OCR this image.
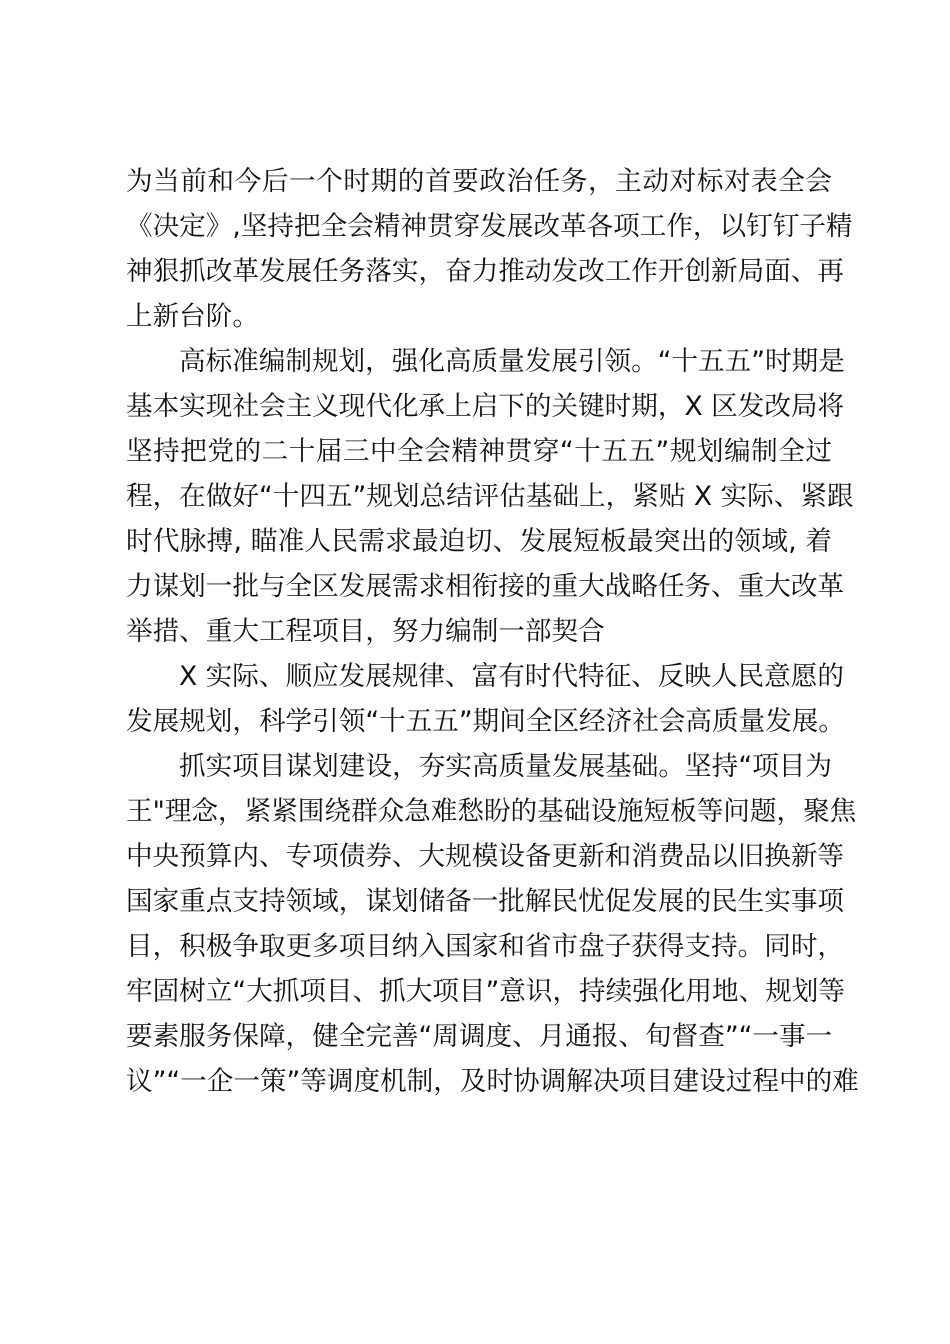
为当前和今后一个时期的首要政治任务，主动对标对表全会
《决定》,坚持把全会精神贯穿发展改革各项工作，以钉钉子精
神狠抓改革发展任务落实，奋力推动发改工作开创新局面、再
上新台阶。
高标准编制规划，强化高质量发展引领。“十五五”时期是
基本实现社会主义现代化承上启下的关键时期，X 区发改局将
坚持把党的二十届三中全会精神贯穿“十五五”规划编制全过
程，在做好“十四五”规划总结评估基础上，紧贴 X 实际、紧跟
时代脉搏, 瞄准人民需求最迫切、发展短板最突出的领域, 着
力谋划一批与全区发展需求相衔接的重大战略任务、重大改革
举措、重大工程项目，努力编制一部契合
X 实际、顺应发展规律、富有时代特征、反映人民意愿的
发展规划，科学引领“十五五”期间全区经济社会高质量发展。
抓实项目谋划建设，夯实高质量发展基础。坚持“项目为
王"理念，紧紧围绕群众急难愁盼的基础设施短板等问题，聚焦
中央预算内、专项债券、大规模设备更新和消费品以旧换新等
国家重点支持领域，谋划储备一批解民忧促发展的民生实事项
目，积极争取更多项目纳入国家和省市盘子获得支持。同时，
牢固树立“大抓项目、抓大项目”意识，持续强化用地、规划等
要素服务保障，健全完善“周调度、月通报、旬督查”“一事一
议”“一企一策”等调度机制，及时协调解决项目建设过程中的难
